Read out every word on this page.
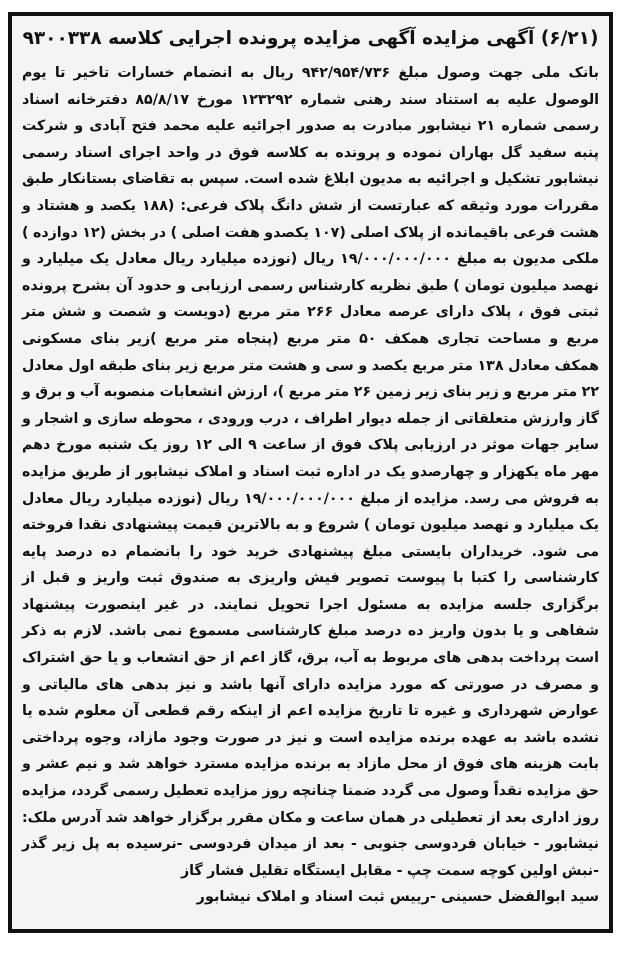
(۶/۲۱) آگهی مزایده آگهی مزایده پرونده اجرایی کلاسه ۹۳۰۰۳۳۸
بانک ملی جهت وصول مبلغ ۹۴۲/۹۵۴/۷۳۶ ریال به انضمام خسارات تاخیر تا یوم الوصول علیه به استناد سند رهنی شماره ۱۲۳۲۹۲ مورخ ۸۵/۸/۱۷ دفترخانه اسناد رسمی شماره ۲۱ نیشابور مبادرت به صدور اجرائیه علیه محمد فتح آبادی و شرکت پنبه سفید گل بهاران نموده و پرونده به کلاسه فوق در واحد اجرای اسناد رسمی نیشابور تشکیل و اجرائیه به مدیون ابلاغ شده است. سپس به تقاضای بستانکار طبق مقررات مورد وثیقه که عبارتست از شش دانگ پلاک فرعی: (۱۸۸ یکصد و هشتاد و هشت فرعی باقیمانده از پلاک اصلی (۱۰۷ یکصدو هفت اصلی ) در بخش (۱۲ دوازده ) ملکی مدیون به مبلغ ۱۹/۰۰۰/۰۰۰/۰۰۰ ریال (نوزده میلیارد ریال معادل یک میلیارد و نهصد میلیون تومان ) طبق نظریه کارشناس رسمی ارزیابی و حدود آن بشرح پرونده ثبتی فوق ، پلاک دارای عرصه معادل ۲۶۶ متر مربع (دویست و شصت و شش متر مربع و مساحت تجاری همکف ۵۰ متر مربع (پنجاه متر مربع )زیر بنای مسکونی همکف معادل ۱۳۸ متر مربع یکصد و سی و هشت متر مربع زیر بنای طبقه اول معادل ۲۲ متر مربع و زیر بنای زیر زمین ۲۶ متر مربع )، ارزش انشعابات منصوبه آب و برق و گاز وارزش متعلقاتی از جمله دیوار اطراف ، درب ورودی ، محوطه سازی و اشجار و سایر جهات موثر در ارزیابی پلاک فوق از ساعت ۹ الی ۱۲ روز یک شنبه مورخ دهم مهر ماه یکهزار و چهارصدو یک در اداره ثبت اسناد و املاک نیشابور از طریق مزایده به فروش می رسد. مزایده از مبلغ ۱۹/۰۰۰/۰۰۰/۰۰۰ ریال (نوزده میلیارد ریال معادل یک میلیارد و نهصد میلیون تومان ) شروع و به بالاترین قیمت پیشنهادی نقدا فروخته می شود. خریداران بایستی مبلغ پیشنهادی خرید خود را بانضمام ده درصد پایه کارشناسی را کتبا با پیوست تصویر فیش واریزی به صندوق ثبت واریز و قبل از برگزاری جلسه مزایده به مسئول اجرا تحویل نمایند. در غیر اینصورت پیشنهاد شفاهی و یا بدون واریز ده درصد مبلغ کارشناسی مسموع نمی باشد. لازم به ذکر است پرداخت بدهی های مربوط به آب، برق، گاز اعم از حق انشعاب و یا حق اشتراک و مصرف در صورتی که مورد مزایده دارای آنها باشد و نیز بدهی های مالیاتی و عوارض شهرداری و غیره تا تاریخ مزایده اعم از اینکه رقم قطعی آن معلوم شده یا نشده باشد به عهده برنده مزایده است و نیز در صورت وجود مازاد، وجوه پرداختی بابت هزینه های فوق از محل مازاد به برنده مزایده مسترد خواهد شد و نیم عشر و حق مزایده نقداً وصول می گردد ضمنا چنانچه روز مزایده تعطیل رسمی گردد، مزایده روز اداری بعد از تعطیلی در همان ساعت و مکان مقرر برگزار خواهد شد آدرس ملک: نیشابور - خیابان فردوسی جنوبی - بعد از میدان فردوسی -نرسیده به پل زیر گذر -نبش اولین کوچه سمت چپ - مقابل ایستگاه تقلیل فشار گاز
سید ابوالفضل حسینی -رییس ثبت اسناد و املاک نیشابور
